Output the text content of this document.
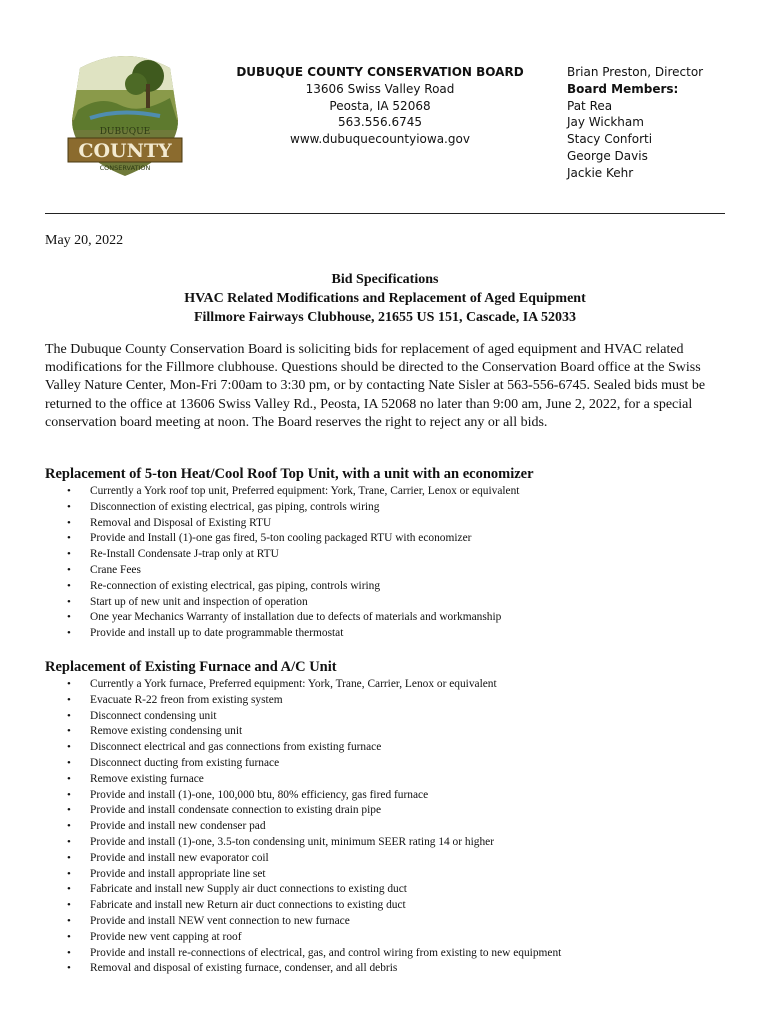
DUBUQUE
COUNTY
CONSERVATION
DUBUQUE COUNTY CONSERVATION BOARD
13606 Swiss Valley Road
Peosta, IA 52068
563.556.6745
www.dubuquecountyiowa.gov
Brian Preston, Director
Board Members:
Pat Rea
Jay Wickham
Stacy Conforti
George Davis
Jackie Kehr
May 20, 2022
Bid Specifications
HVAC Related Modifications and Replacement of Aged Equipment
Fillmore Fairways Clubhouse, 21655 US 151, Cascade, IA 52033
The Dubuque County Conservation Board is soliciting bids for replacement of aged equipment and HVAC related modifications for the Fillmore clubhouse. Questions should be directed to the Conservation Board office at the Swiss Valley Nature Center, Mon-Fri 7:00am to 3:30 pm, or by contacting Nate Sisler at 563-556-6745. Sealed bids must be returned to the office at 13606 Swiss Valley Rd., Peosta, IA 52068 no later than 9:00 am, June 2, 2022, for a special conservation board meeting at noon. The Board reserves the right to reject any or all bids.
Replacement of 5-ton Heat/Cool Roof Top Unit, with a unit with an economizer
• Currently a York roof top unit, Preferred equipment: York, Trane, Carrier, Lenox or equivalent
• Disconnection of existing electrical, gas piping, controls wiring
• Removal and Disposal of Existing RTU
• Provide and Install (1)-one gas fired, 5-ton cooling packaged RTU with economizer
• Re-Install Condensate J-trap only at RTU
• Crane Fees
• Re-connection of existing electrical, gas piping, controls wiring
• Start up of new unit and inspection of operation
• One year Mechanics Warranty of installation due to defects of materials and workmanship
• Provide and install up to date programmable thermostat
Replacement of Existing Furnace and A/C Unit
• Currently a York furnace, Preferred equipment: York, Trane, Carrier, Lenox or equivalent
• Evacuate R-22 freon from existing system
• Disconnect condensing unit
• Remove existing condensing unit
• Disconnect electrical and gas connections from existing furnace
• Disconnect ducting from existing furnace
• Remove existing furnace
• Provide and install (1)-one, 100,000 btu, 80% efficiency, gas fired furnace
• Provide and install condensate connection to existing drain pipe
• Provide and install new condenser pad
• Provide and install (1)-one, 3.5-ton condensing unit, minimum SEER rating 14 or higher
• Provide and install new evaporator coil
• Provide and install appropriate line set
• Fabricate and install new Supply air duct connections to existing duct
• Fabricate and install new Return air duct connections to existing duct
• Provide and install NEW vent connection to new furnace
• Provide new vent capping at roof
• Provide and install re-connections of electrical, gas, and control wiring from existing to new equipment
• Removal and disposal of existing furnace, condenser, and all debris
